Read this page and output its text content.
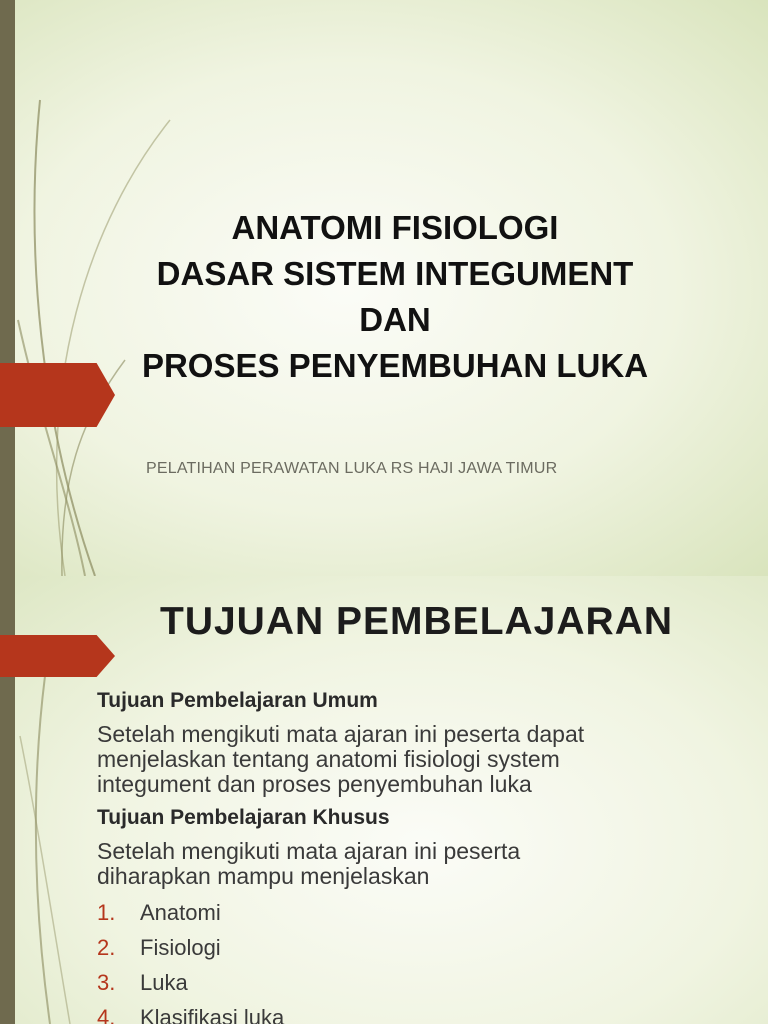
ANATOMI FISIOLOGI
DASAR SISTEM INTEGUMENT
DAN
PROSES PENYEMBUHAN LUKA
PELATIHAN PERAWATAN LUKA RS HAJI JAWA TIMUR
TUJUAN PEMBELAJARAN

Tujuan Pembelajaran Umum

Setelah mengikuti mata ajaran ini peserta dapat
menjelaskan tentang anatomi fisiologi system
integument dan proses penyembuhan luka

Tujuan Pembelajaran Khusus

Setelah mengikuti mata ajaran ini peserta
diharapkan mampu menjelaskan

1.	Anatomi
2.	Fisiologi
3.	Luka
4.	Klasifikasi luka
